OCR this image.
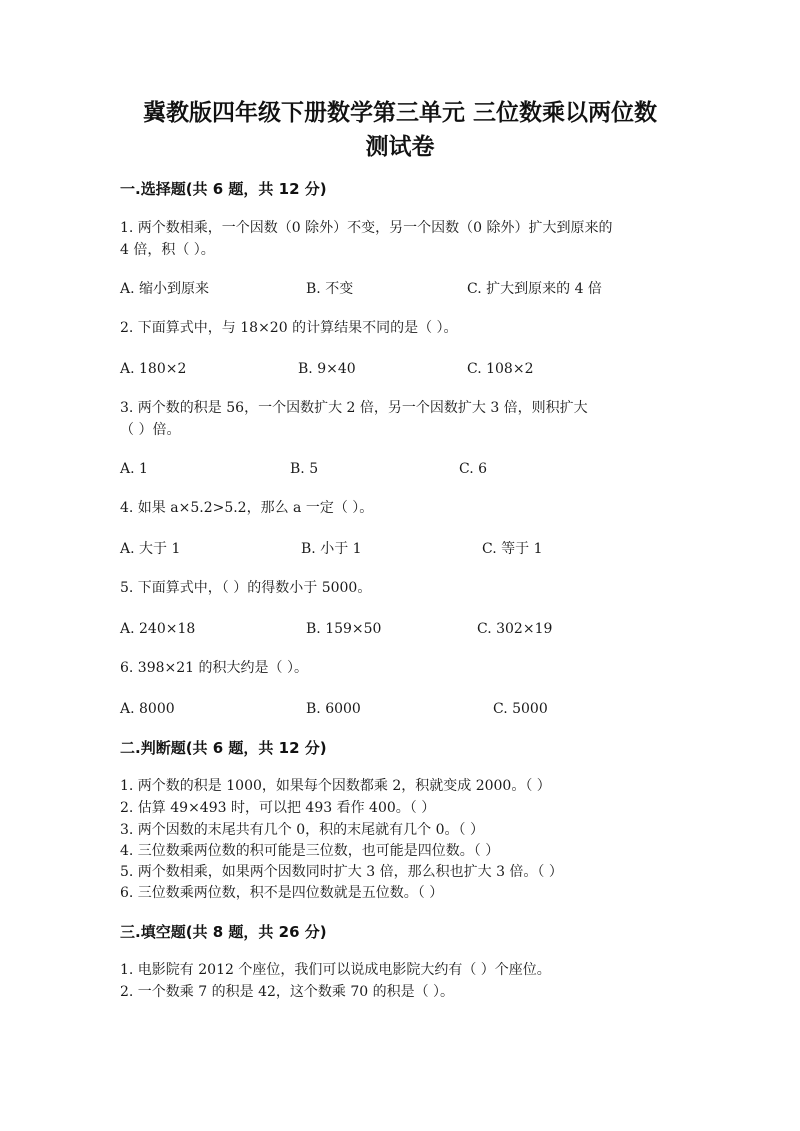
冀教版四年级下册数学第三单元 三位数乘以两位数
测试卷
一.选择题(共 6 题，共 12 分)
1. 两个数相乘，一个因数（0 除外）不变，另一个因数（0 除外）扩大到原来的
4 倍，积（ ）。
A. 缩小到原来	B. 不变	C. 扩大到原来的 4 倍
2. 下面算式中，与 18×20 的计算结果不同的是（ ）。
A. 180×2	B. 9×40	C. 108×2
3. 两个数的积是 56，一个因数扩大 2 倍，另一个因数扩大 3 倍，则积扩大
（ ）倍。
A. 1	B. 5	C. 6
4. 如果 a×5.2>5.2，那么 a 一定（ ）。
A. 大于 1	B. 小于 1	C. 等于 1
5. 下面算式中，（ ）的得数小于 5000。
A. 240×18	B. 159×50	C. 302×19
6. 398×21 的积大约是（ ）。
A. 8000	B. 6000	C. 5000
二.判断题(共 6 题，共 12 分)
1. 两个数的积是 1000，如果每个因数都乘 2，积就变成 2000。（ ）
2. 估算 49×493 时，可以把 493 看作 400。（ ）
3. 两个因数的末尾共有几个 0，积的末尾就有几个 0。（ ）
4. 三位数乘两位数的积可能是三位数，也可能是四位数。（ ）
5. 两个数相乘，如果两个因数同时扩大 3 倍，那么积也扩大 3 倍。（ ）
6. 三位数乘两位数，积不是四位数就是五位数。（ ）
三.填空题(共 8 题，共 26 分)
1. 电影院有 2012 个座位，我们可以说成电影院大约有（ ）个座位。
2. 一个数乘 7 的积是 42，这个数乘 70 的积是（ ）。
